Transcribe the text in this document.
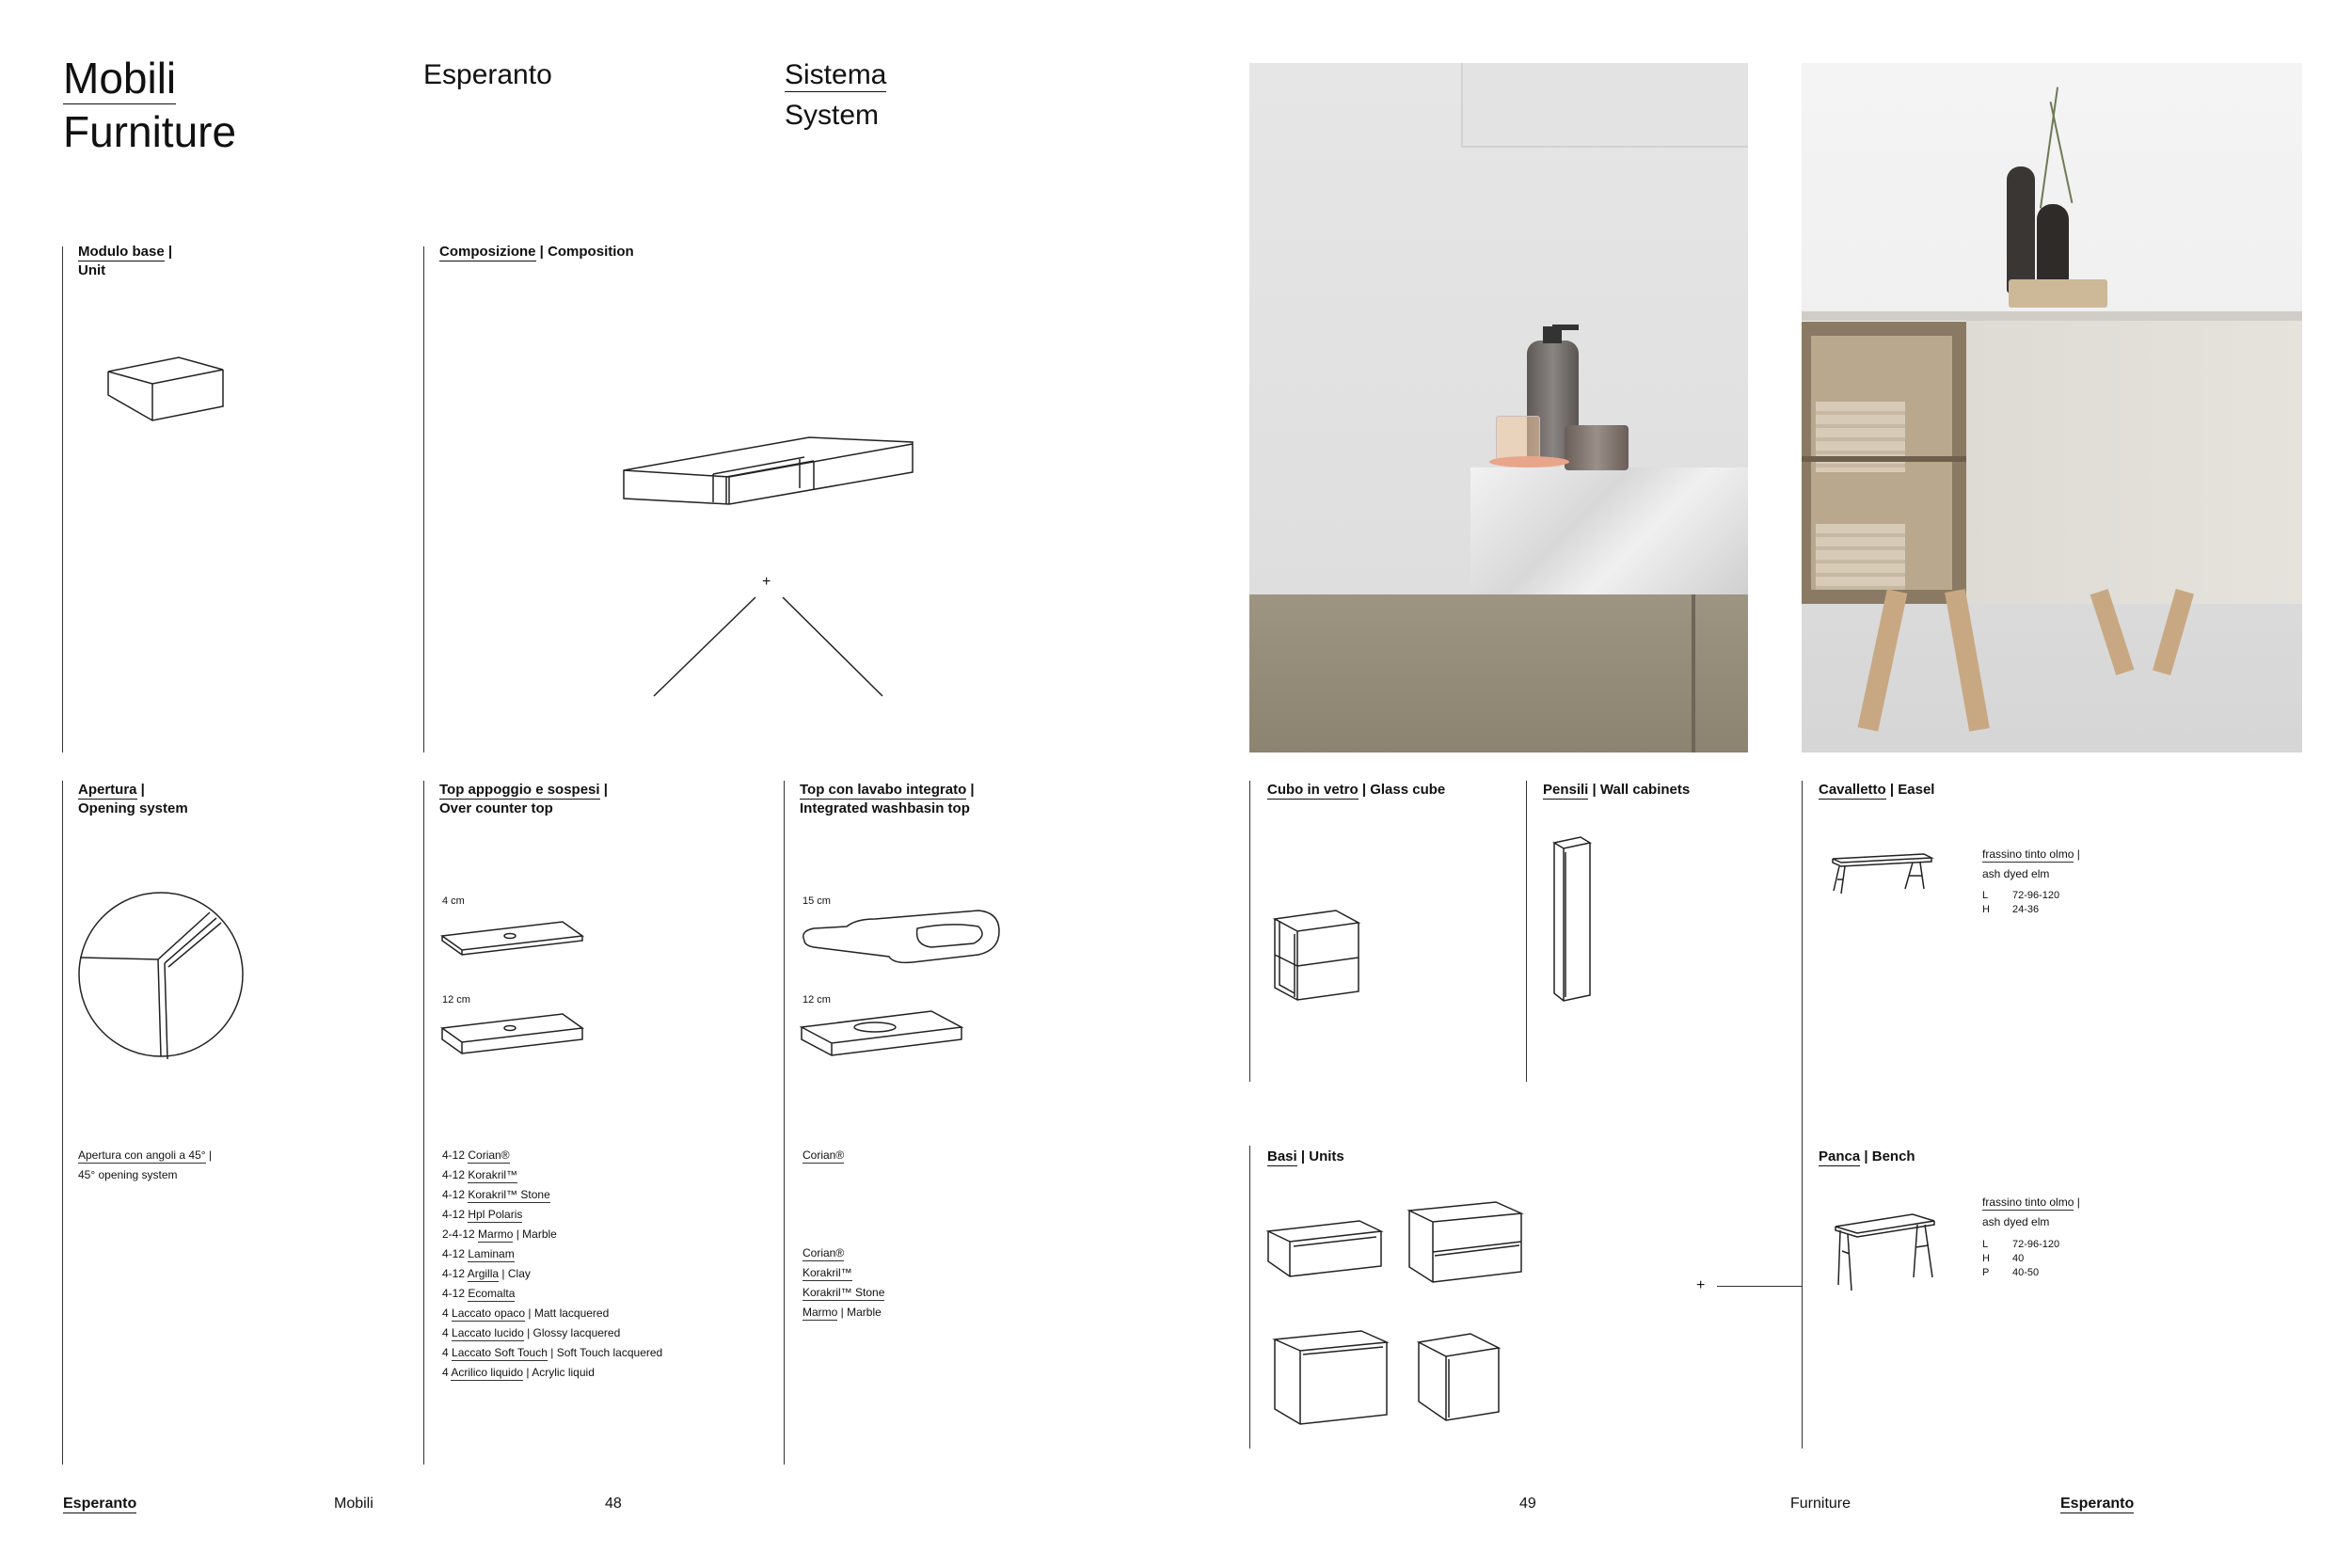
Mobili
Furniture
Esperanto	Sistema
System
Modulo base |
Unit
Composizione | Composition
+
Apertura |
Opening system
Apertura con angoli a 45° |
45° opening system
Top appoggio e sospesi |
Over counter top
4 cm
12 cm
4-12 Corian®
4-12 Korakril™
4-12 Korakril™ Stone
4-12 Hpl Polaris
2-4-12 Marmo | Marble
4-12 Laminam
4-12 Argilla | Clay
4-12 Ecomalta
4 Laccato opaco | Matt lacquered
4 Laccato lucido | Glossy lacquered
4 Laccato Soft Touch | Soft Touch lacquered
4 Acrilico liquido | Acrylic liquid
Top con lavabo integrato |
Integrated washbasin top
15 cm
12 cm
Corian®
Corian®
Korakril™
Korakril™ Stone
Marmo | Marble
Cubo in vetro | Glass cube	Pensili | Wall cabinets
Basi | Units
+
Cavalletto | Easel
frassino tinto olmo |
ash dyed elm
L 72-96-120
H 24-36
Panca | Bench
frassino tinto olmo |
ash dyed elm
L 72-96-120
H 40
P 40-50
Esperanto	Mobili	48	49	Furniture	Esperanto
